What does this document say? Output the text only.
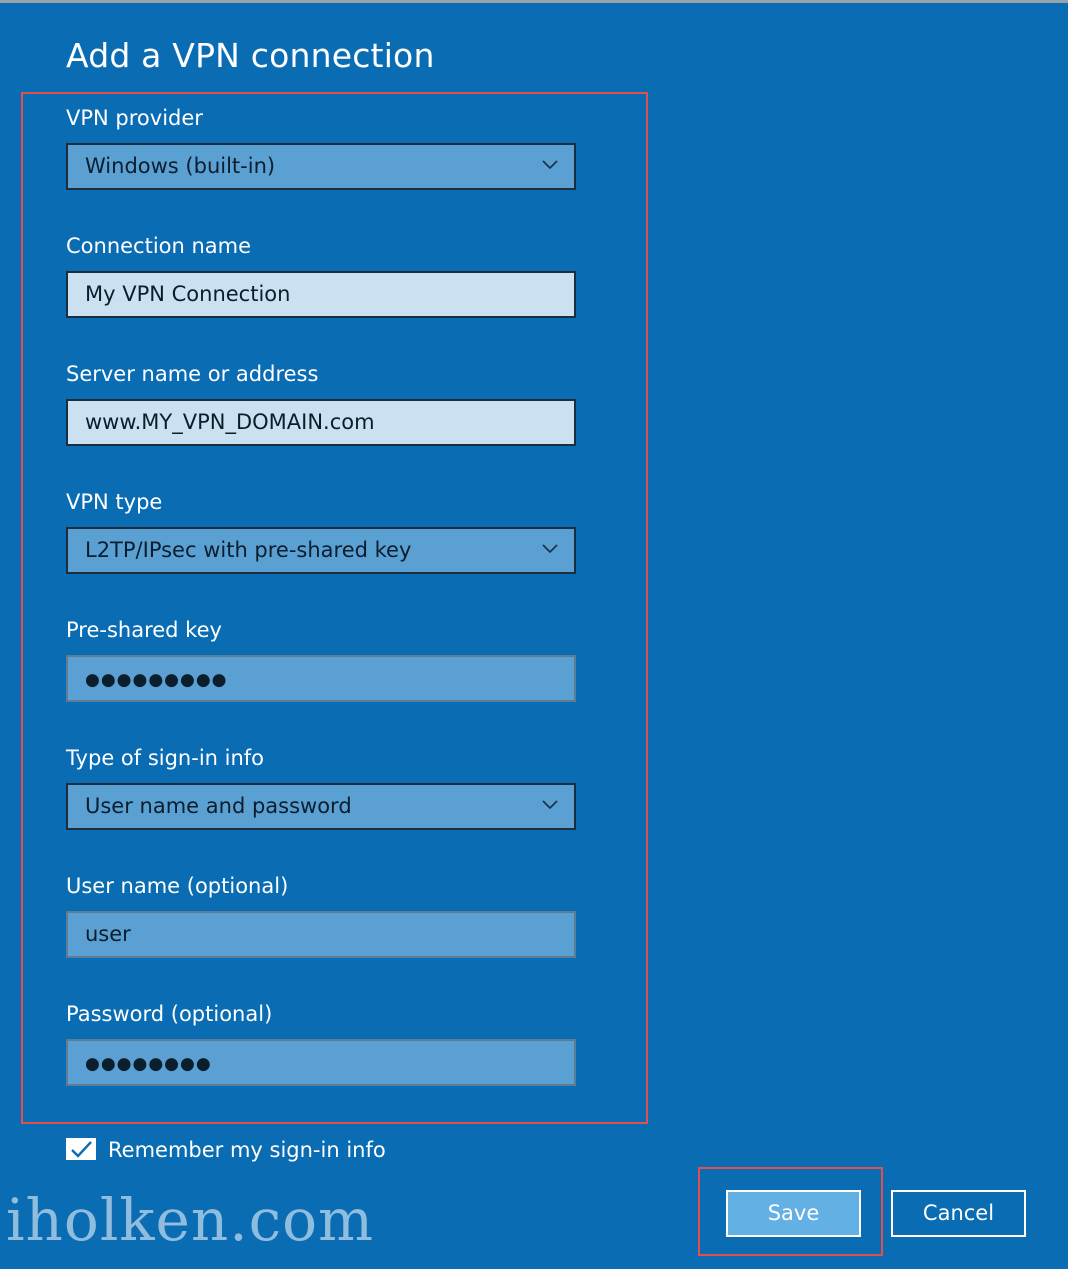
Add a VPN connection
VPN provider
Windows (built-in)
Connection name
My VPN Connection
Server name or address
www.MY_VPN_DOMAIN.com
VPN type
L2TP/IPsec with pre-shared key
Pre-shared key
●●●●●●●●●
Type of sign-in info
User name and password
User name (optional)
user
Password (optional)
●●●●●●●●
Remember my sign-in info
iholken.com	Save	Cancel
